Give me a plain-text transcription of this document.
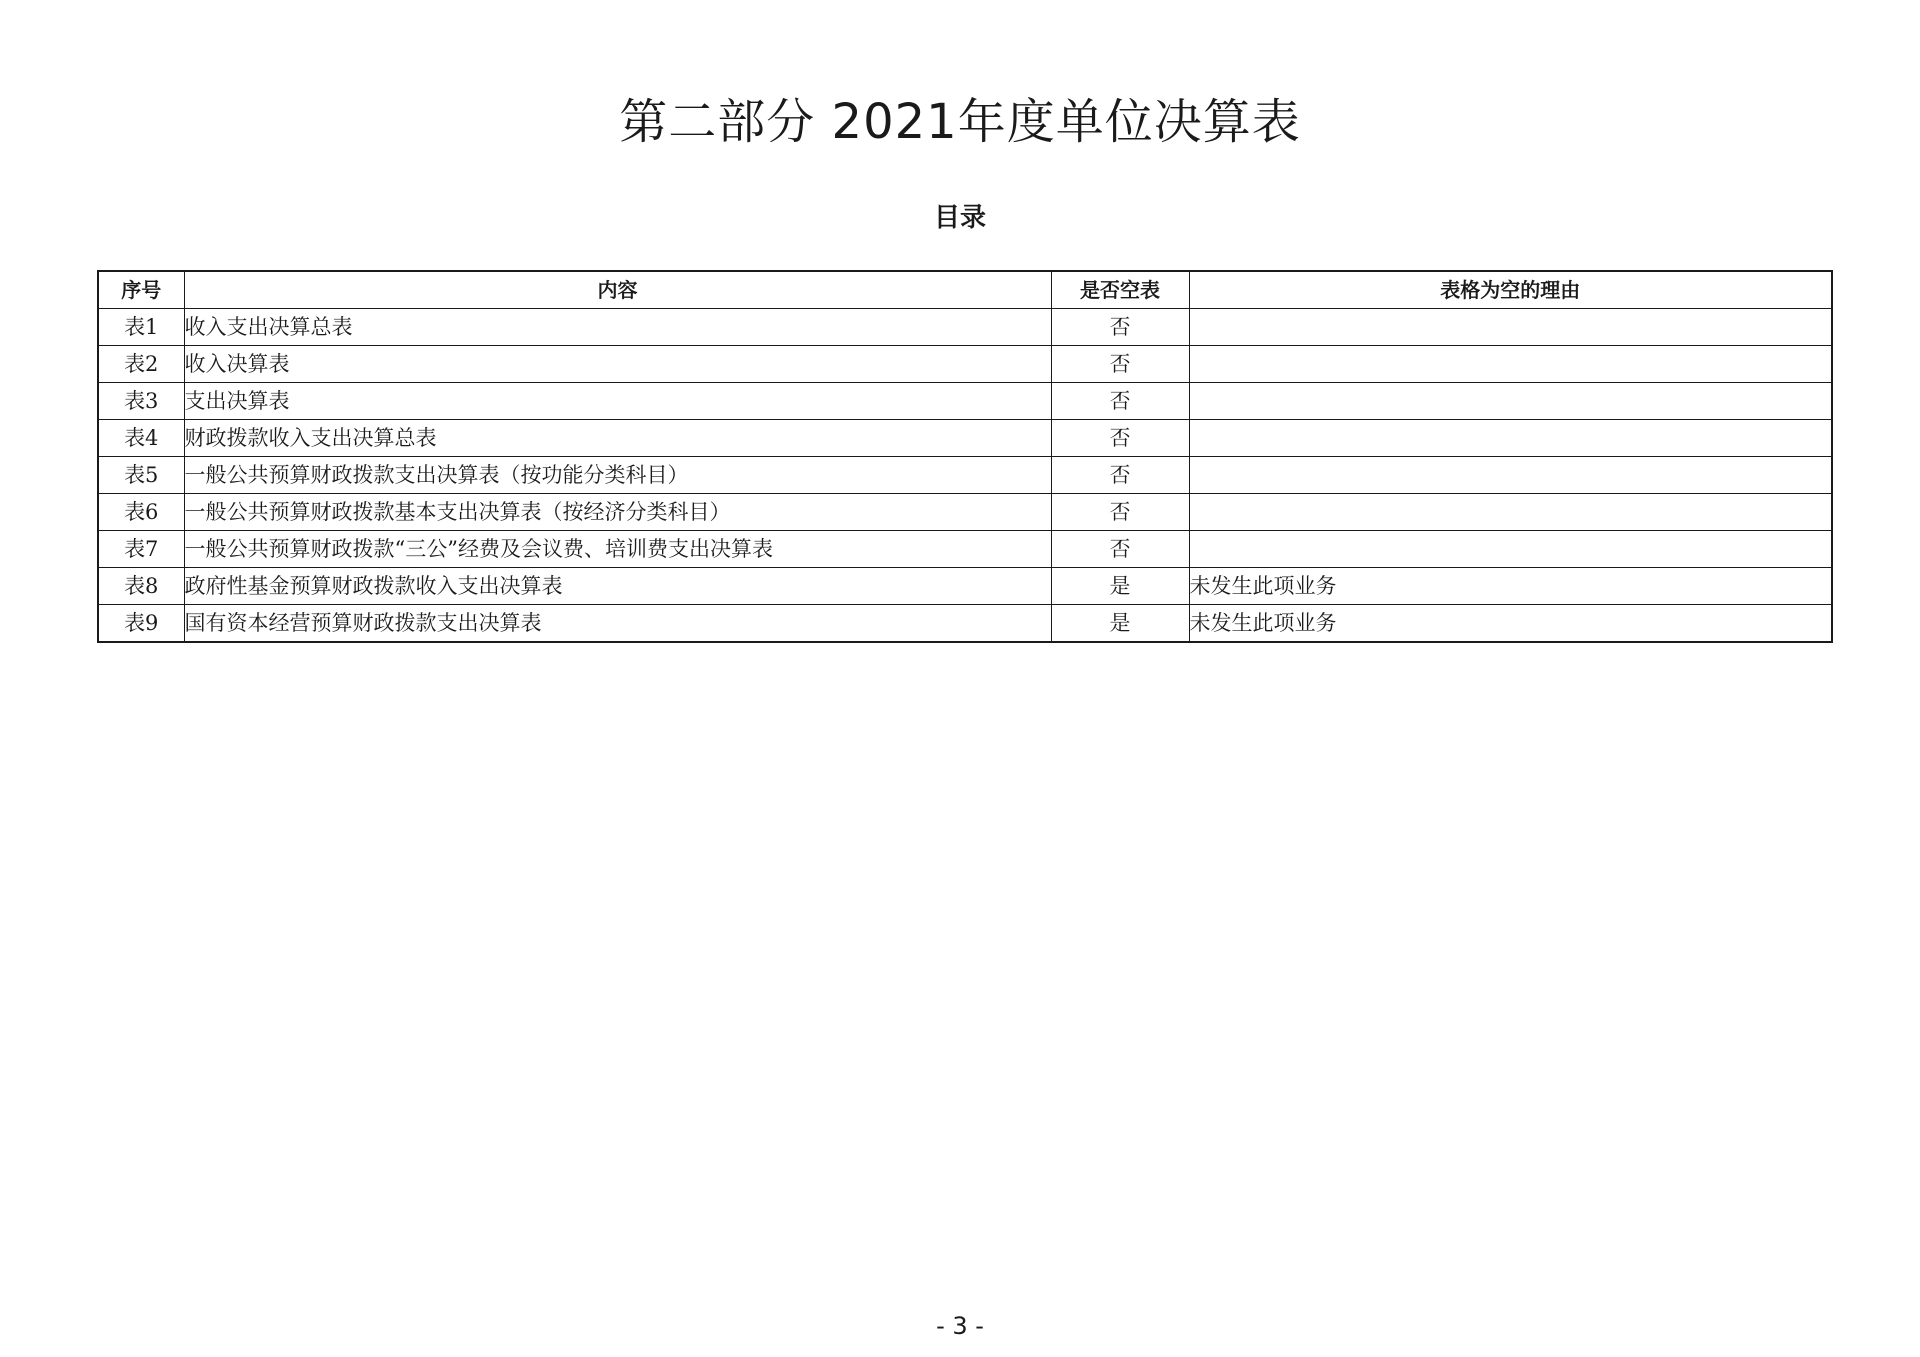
第二部分 2021年度单位决算表
目录
序号	内容	是否空表	表格为空的理由
表1	收入支出决算总表	否	
表2	收入决算表	否	
表3	支出决算表	否	
表4	财政拨款收入支出决算总表	否	
表5	一般公共预算财政拨款支出决算表（按功能分类科目）	否	
表6	一般公共预算财政拨款基本支出决算表（按经济分类科目）	否	
表7	一般公共预算财政拨款“三公”经费及会议费、培训费支出决算表	否	
表8	政府性基金预算财政拨款收入支出决算表	是	未发生此项业务
表9	国有资本经营预算财政拨款支出决算表	是	未发生此项业务
- 3 -
